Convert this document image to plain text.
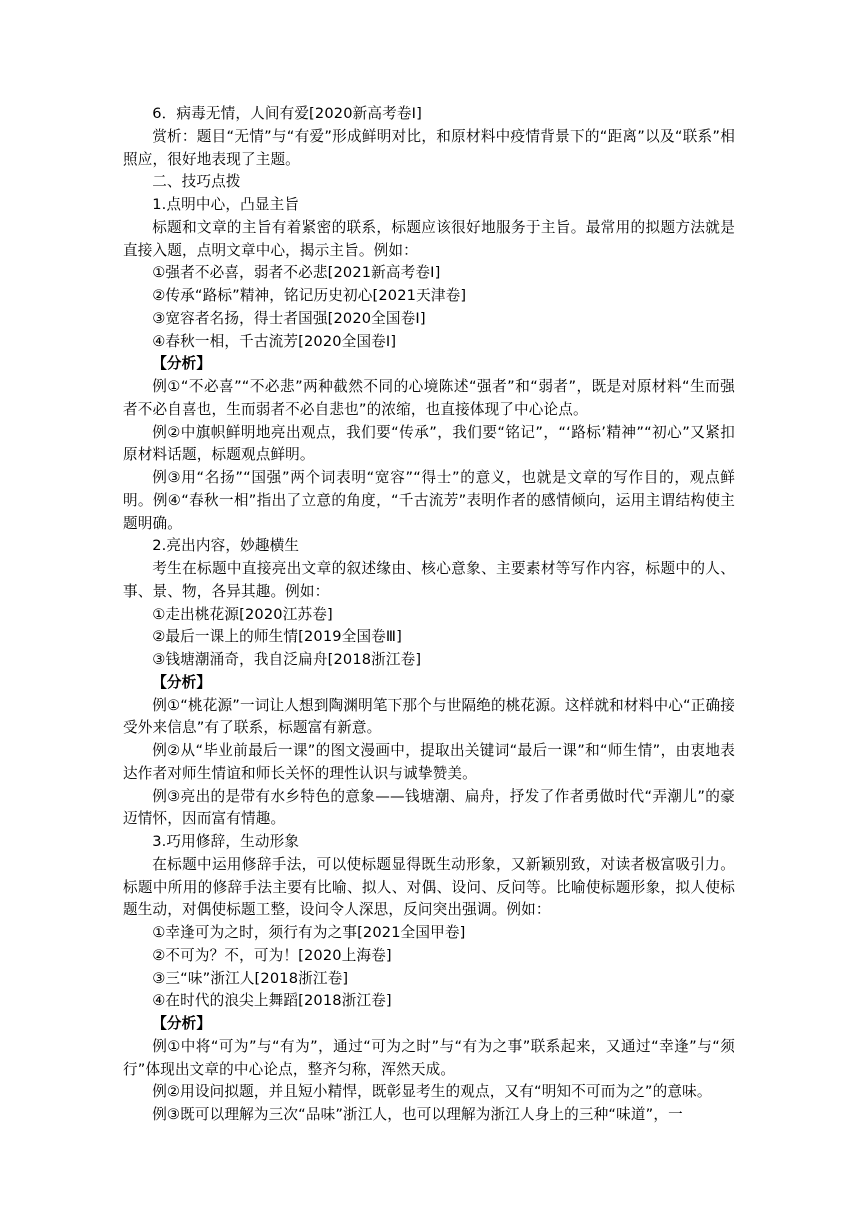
6．病毒无情，人间有爱[2020新高考卷Ⅰ]

赏析：题目“无情”与“有爱”形成鲜明对比，和原材料中疫情背景下的“距离”以及“联系”相照应，很好地表现了主题。

二、技巧点拨

1.点明中心，凸显主旨

标题和文章的主旨有着紧密的联系，标题应该很好地服务于主旨。最常用的拟题方法就是直接入题，点明文章中心，揭示主旨。例如：

①强者不必喜，弱者不必悲[2021新高考卷Ⅰ]

②传承“路标”精神，铭记历史初心[2021天津卷]

③宽容者名扬，得士者国强[2020全国卷Ⅰ]

④春秋一相，千古流芳[2020全国卷Ⅰ]

【分析】

例①“不必喜”“不必悲”两种截然不同的心境陈述“强者”和“弱者”，既是对原材料“生而强者不必自喜也，生而弱者不必自悲也”的浓缩，也直接体现了中心论点。

例②中旗帜鲜明地亮出观点，我们要“传承”，我们要“铭记”，“‘路标’精神”“初心”又紧扣原材料话题，标题观点鲜明。

例③用“名扬”“国强”两个词表明“宽容”“得士”的意义，也就是文章的写作目的，观点鲜明。例④“春秋一相”指出了立意的角度，“千古流芳”表明作者的感情倾向，运用主谓结构使主题明确。

2.亮出内容，妙趣横生

考生在标题中直接亮出文章的叙述缘由、核心意象、主要素材等写作内容，标题中的人、事、景、物，各异其趣。例如：

①走出桃花源[2020江苏卷]

②最后一课上的师生情[2019全国卷Ⅲ]

③钱塘潮涌奇，我自泛扁舟[2018浙江卷]

【分析】

例①“桃花源”一词让人想到陶渊明笔下那个与世隔绝的桃花源。这样就和材料中心“正确接受外来信息”有了联系，标题富有新意。

例②从“毕业前最后一课”的图文漫画中，提取出关键词“最后一课”和“师生情”，由衷地表达作者对师生情谊和师长关怀的理性认识与诚挚赞美。

例③亮出的是带有水乡特色的意象——钱塘潮、扁舟，抒发了作者勇做时代“弄潮儿”的豪迈情怀，因而富有情趣。

3.巧用修辞，生动形象

在标题中运用修辞手法，可以使标题显得既生动形象，又新颖别致，对读者极富吸引力。标题中所用的修辞手法主要有比喻、拟人、对偶、设问、反问等。比喻使标题形象，拟人使标题生动，对偶使标题工整，设问令人深思，反问突出强调。例如：

①幸逢可为之时，须行有为之事[2021全国甲卷]

②不可为？不，可为！[2020上海卷]

③三“味”浙江人[2018浙江卷]

④在时代的浪尖上舞蹈[2018浙江卷]

【分析】

例①中将“可为”与“有为”，通过“可为之时”与“有为之事”联系起来，又通过“幸逢”与“须行”体现出文章的中心论点，整齐匀称，浑然天成。

例②用设问拟题，并且短小精悍，既彰显考生的观点，又有“明知不可而为之”的意味。

例③既可以理解为三次“品味”浙江人，也可以理解为浙江人身上的三种“味道”，一
